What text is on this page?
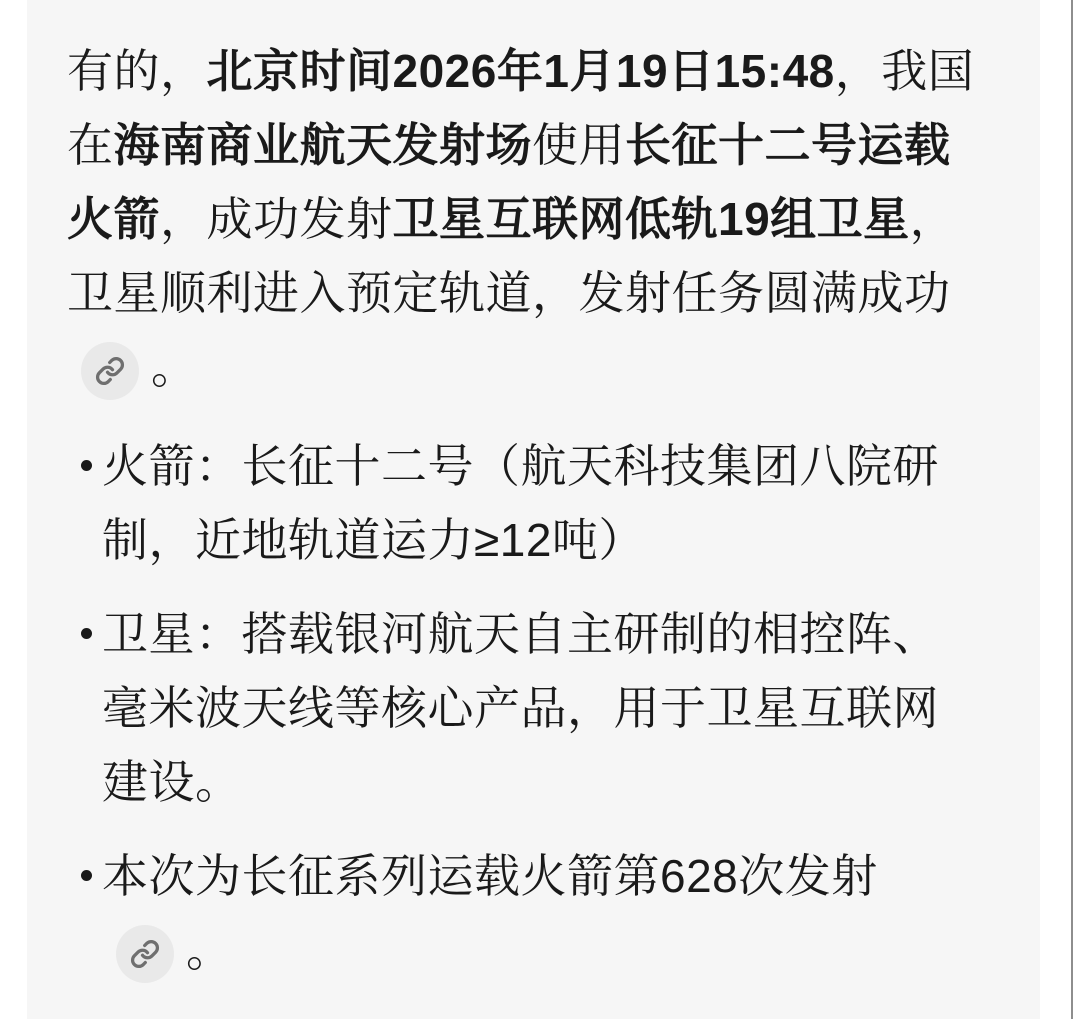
有的，北京时间2026年1月19日15:48，我国
在海南商业航天发射场使用长征十二号运载
火箭，成功发射卫星互联网低轨19组卫星，
卫星顺利进入预定轨道，发射任务圆满成功
。
火箭：长征十二号（航天科技集团八院研
制，近地轨道运力≥12吨）
卫星：搭载银河航天自主研制的相控阵、
毫米波天线等核心产品，用于卫星互联网
建设。
本次为长征系列运载火箭第628次发射
。
